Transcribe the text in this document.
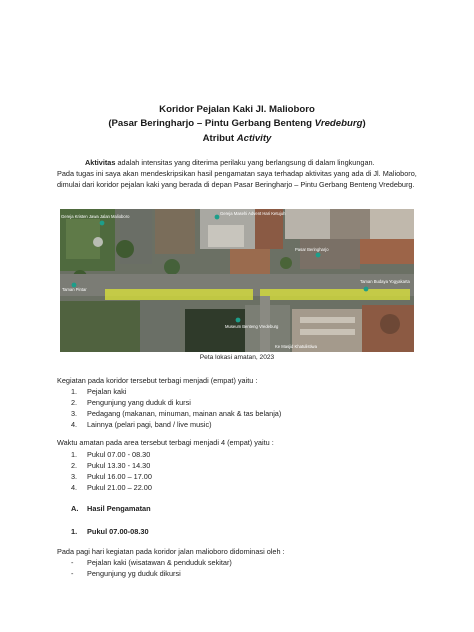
Koridor Pejalan Kaki Jl. Malioboro
(Pasar Beringharjo – Pintu Gerbang Benteng Vredeburg)
Atribut Activity
Aktivitas adalah intensitas yang diterima perilaku yang berlangsung di dalam lingkungan.
Pada tugas ini saya akan mendeskripsikan hasil pengamatan saya terhadap aktivitas yang ada di Jl. Malioboro, dimulai dari koridor pejalan kaki yang berada di depan Pasar Beringharjo – Pintu Gerbang Benteng Vredeburg.
Gereja Kristen Jawa Jalan Malioboro
Gereja Masehi Advent Hari Ketujuh
Pasar Beringharjo
Taman Budaya Yogyakarta
Taman Pintar
Museum Benteng Vredeburg
Ke Masjid Khatulistiwa
Peta lokasi amatan, 2023
Kegiatan pada koridor tersebut terbagi menjadi (empat) yaitu :
1. Pejalan kaki
2. Pengunjung yang duduk di kursi
3. Pedagang (makanan, minuman, mainan anak & tas belanja)
4. Lainnya (pelari pagi, band / live music)
Waktu amatan pada area tersebut terbagi menjadi 4 (empat) yaitu :
1. Pukul 07.00 - 08.30
2. Pukul 13.30 - 14.30
3. Pukul 16.00 – 17.00
4. Pukul 21.00 – 22.00
A. Hasil Pengamatan
1. Pukul 07.00-08.30
Pada pagi hari kegiatan pada koridor jalan malioboro didominasi oleh :
- Pejalan kaki (wisatawan & penduduk sekitar)
- Pengunjung yg duduk dikursi
